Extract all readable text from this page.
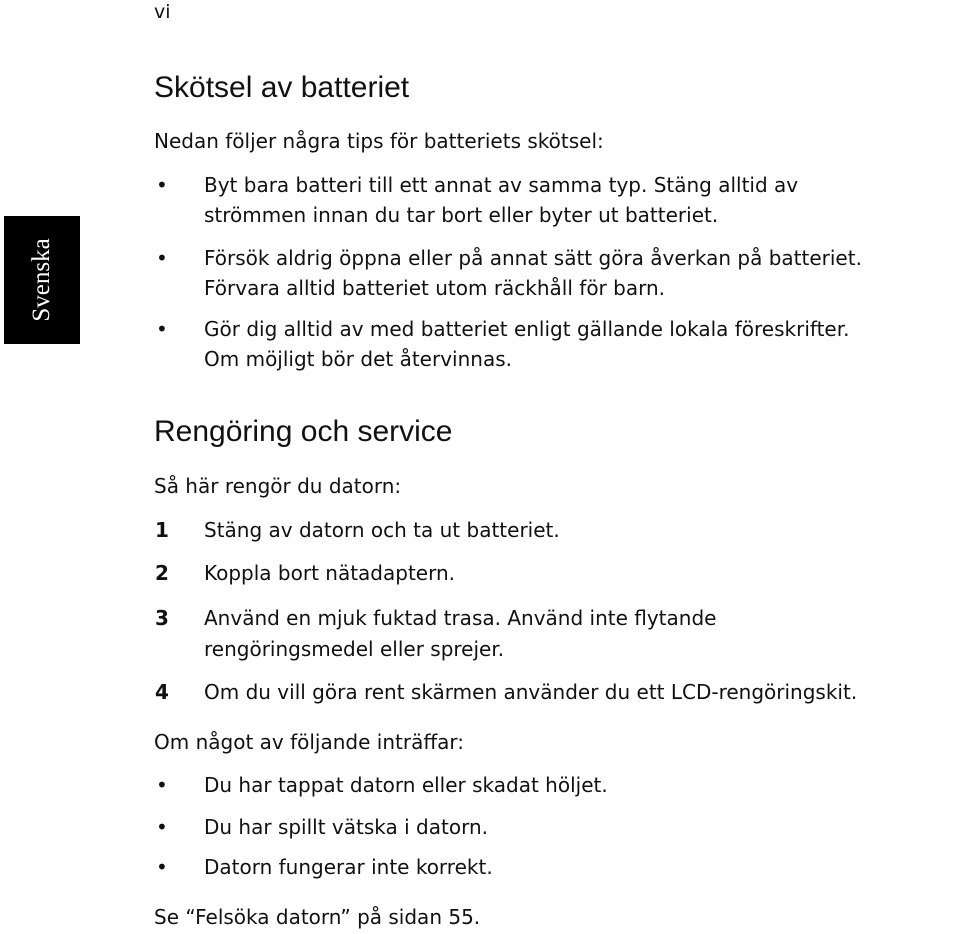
vi
Svenska
Skötsel av batteriet

Nedan följer några tips för batteriets skötsel:

• Byt bara batteri till ett annat av samma typ. Stäng alltid av
strömmen innan du tar bort eller byter ut batteriet.
• Försök aldrig öppna eller på annat sätt göra åverkan på batteriet.
Förvara alltid batteriet utom räckhåll för barn.
• Gör dig alltid av med batteriet enligt gällande lokala föreskrifter.
Om möjligt bör det återvinnas.
Rengöring och service

Så här rengör du datorn:

1 Stäng av datorn och ta ut batteriet.
2 Koppla bort nätadaptern.
3 Använd en mjuk fuktad trasa. Använd inte flytande
rengöringsmedel eller sprejer.
4 Om du vill göra rent skärmen använder du ett LCD-rengöringskit.

Om något av följande inträffar:

• Du har tappat datorn eller skadat höljet.
• Du har spillt vätska i datorn.
• Datorn fungerar inte korrekt.

Se “Felsöka datorn” på sidan 55.
